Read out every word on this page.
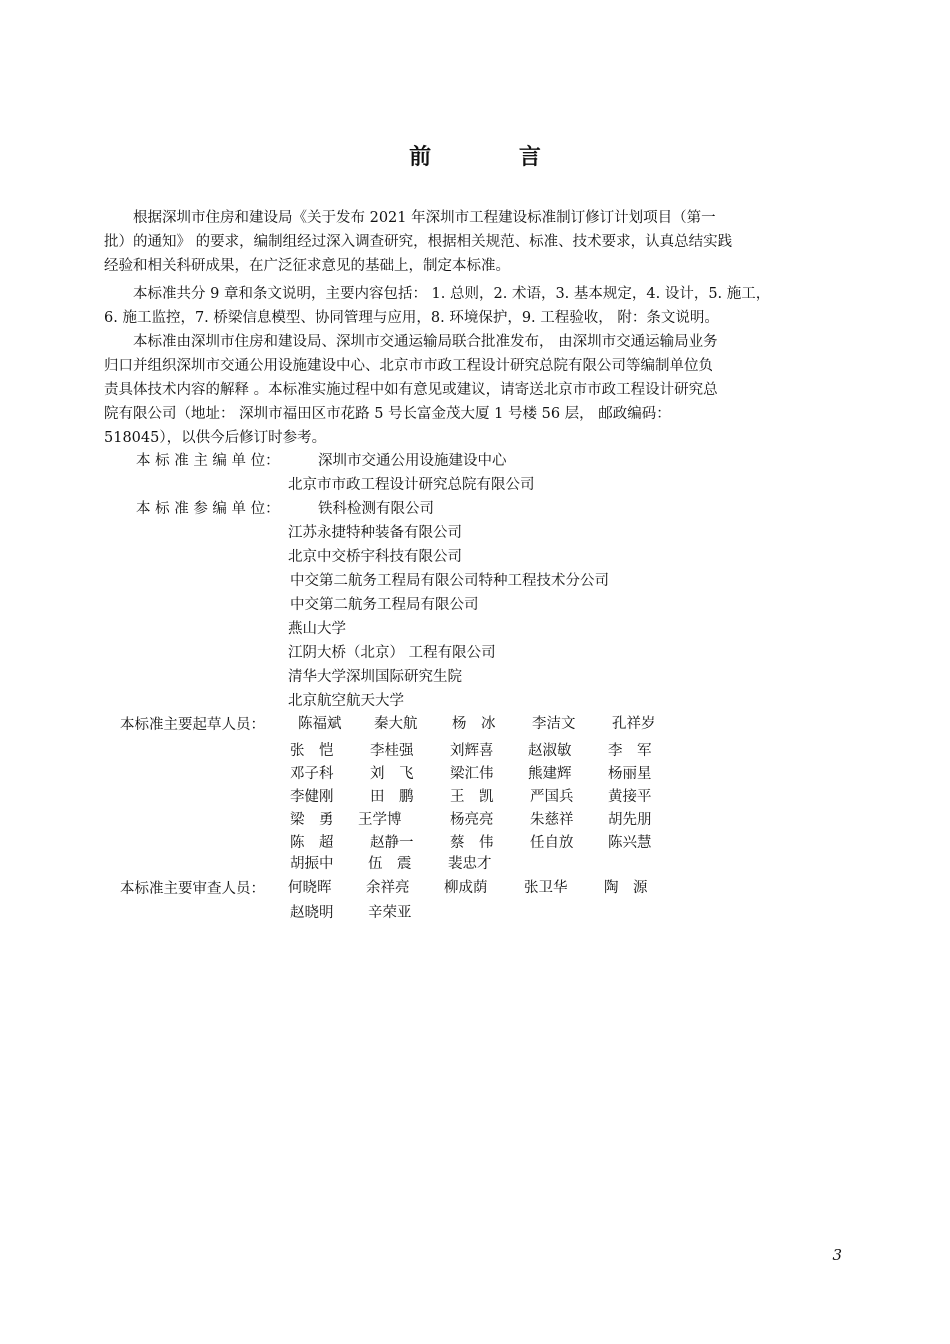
前 言
根据深圳市住房和建设局《关于发布 2021 年深圳市工程建设标准制订修订计划项目（第一
批）的通知》 的要求，编制组经过深入调查研究，根据相关规范、标准、技术要求，认真总结实践
经验和相关科研成果，在广泛征求意见的基础上，制定本标准。
本标准共分 9 章和条文说明，主要内容包括： 1. 总则，2. 术语，3. 基本规定，4. 设计，5. 施工，
6. 施工监控，7. 桥梁信息模型、协同管理与应用，8. 环境保护，9. 工程验收， 附：条文说明。
本标准由深圳市住房和建设局、深圳市交通运输局联合批准发布， 由深圳市交通运输局业务
归口并组织深圳市交通公用设施建设中心、北京市市政工程设计研究总院有限公司等编制单位负
责具体技术内容的解释 。本标准实施过程中如有意见或建议，请寄送北京市市政工程设计研究总
院有限公司（地址： 深圳市福田区市花路 5 号长富金茂大厦 1 号楼 56 层， 邮政编码：
518045），以供今后修订时参考。
本 标 准 主 编 单 位：	深圳市交通公用设施建设中心
北京市市政工程设计研究总院有限公司
本 标 准 参 编 单 位：	铁科检测有限公司
江苏永捷特种装备有限公司
北京中交桥宇科技有限公司
中交第二航务工程局有限公司特种工程技术分公司
中交第二航务工程局有限公司
燕山大学
江阴大桥（北京） 工程有限公司
清华大学深圳国际研究生院
北京航空航天大学
本标准主要起草人员： 陈福斌 秦大航 杨　冰	李洁文	孔祥岁
张　恺	李桂强	刘辉喜 赵淑敏	李　军
邓子科	刘　飞	梁汇伟 熊建辉	杨丽星
李健刚	田　鹏	王　凯	严国兵 黄接平
梁　勇 王学博	杨亮亮	朱慈祥 胡先朋
陈　超	赵静一	蔡　伟	任自放 陈兴慧
胡振中 伍　震	裴忠才
本标准主要审查人员： 何晓晖 余祥亮 柳成荫	张卫华	陶　源
赵晓明 辛荣亚
3
